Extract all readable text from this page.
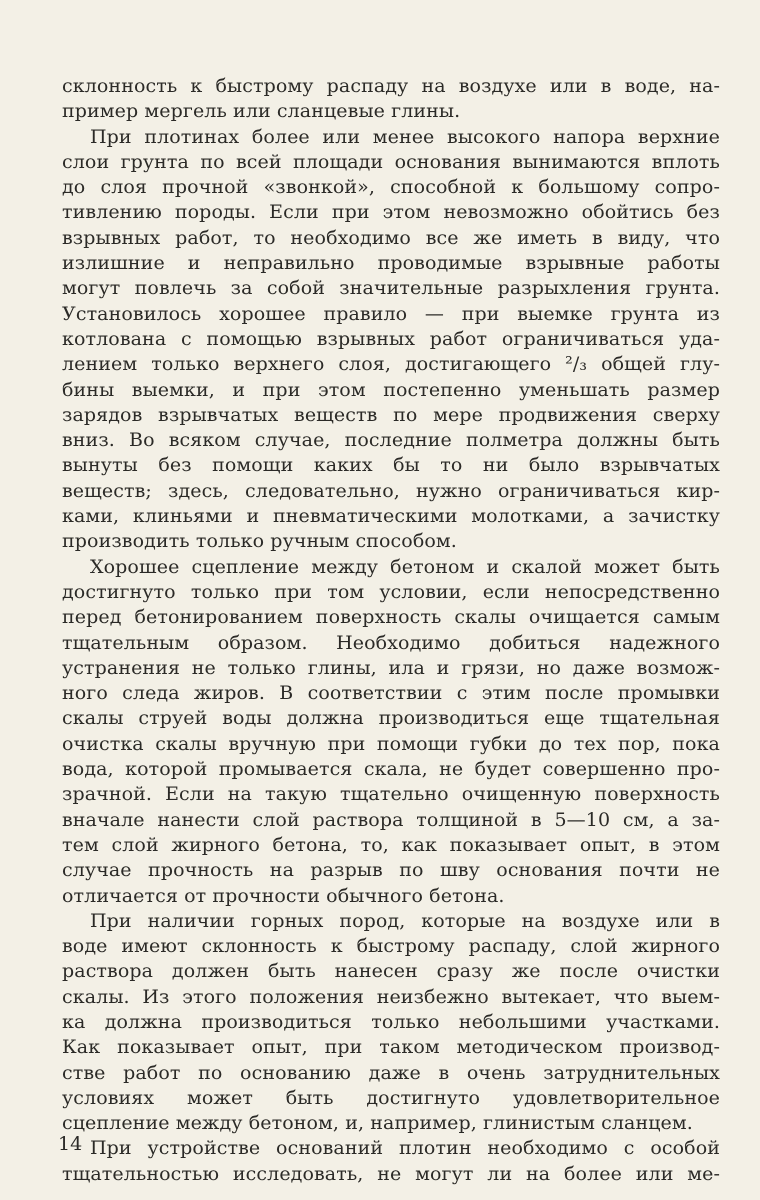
склонность к быстрому распаду на воздухе или в воде, на-
пример мергель или сланцевые глины.
При плотинах более или менее высокого напора верхние
слои грунта по всей площади основания вынимаются вплоть
до слоя прочной «звонкой», способной к большому сопро-
тивлению породы. Если при этом невозможно обойтись без
взрывных работ, то необходимо все же иметь в виду, что
излишние и неправильно проводимые взрывные работы
могут повлечь за собой значительные разрыхления грунта.
Установилось хорошее правило — при выемке грунта из
котлована с помощью взрывных работ ограничиваться уда-
лением только верхнего слоя, достигающего ²/₃ общей глу-
бины выемки, и при этом постепенно уменьшать размер
зарядов взрывчатых веществ по мере продвижения сверху
вниз. Во всяком случае, последние полметра должны быть
вынуты без помощи каких бы то ни было взрывчатых
веществ; здесь, следовательно, нужно ограничиваться кир-
ками, клиньями и пневматическими молотками, а зачистку
производить только ручным способом.
Хорошее сцепление между бетоном и скалой может быть
достигнуто только при том условии, если непосредственно
перед бетонированием поверхность скалы очищается самым
тщательным образом. Необходимо добиться надежного
устранения не только глины, ила и грязи, но даже возмож-
ного следа жиров. В соответствии с этим после промывки
скалы струей воды должна производиться еще тщательная
очистка скалы вручную при помощи губки до тех пор, пока
вода, которой промывается скала, не будет совершенно про-
зрачной. Если на такую тщательно очищенную поверхность
вначале нанести слой раствора толщиной в 5—10 см, а за-
тем слой жирного бетона, то, как показывает опыт, в этом
случае прочность на разрыв по шву основания почти не
отличается от прочности обычного бетона.
При наличии горных пород, которые на воздухе или в
воде имеют склонность к быстрому распаду, слой жирного
раствора должен быть нанесен сразу же после очистки
скалы. Из этого положения неизбежно вытекает, что выем-
ка должна производиться только небольшими участками.
Как показывает опыт, при таком методическом производ-
стве работ по основанию даже в очень затруднительных
условиях может быть достигнуто удовлетворительное
сцепление между бетоном, и, например, глинистым сланцем.
При устройстве оснований плотин необходимо с особой
тщательностью исследовать, не могут ли на более или ме-
14
